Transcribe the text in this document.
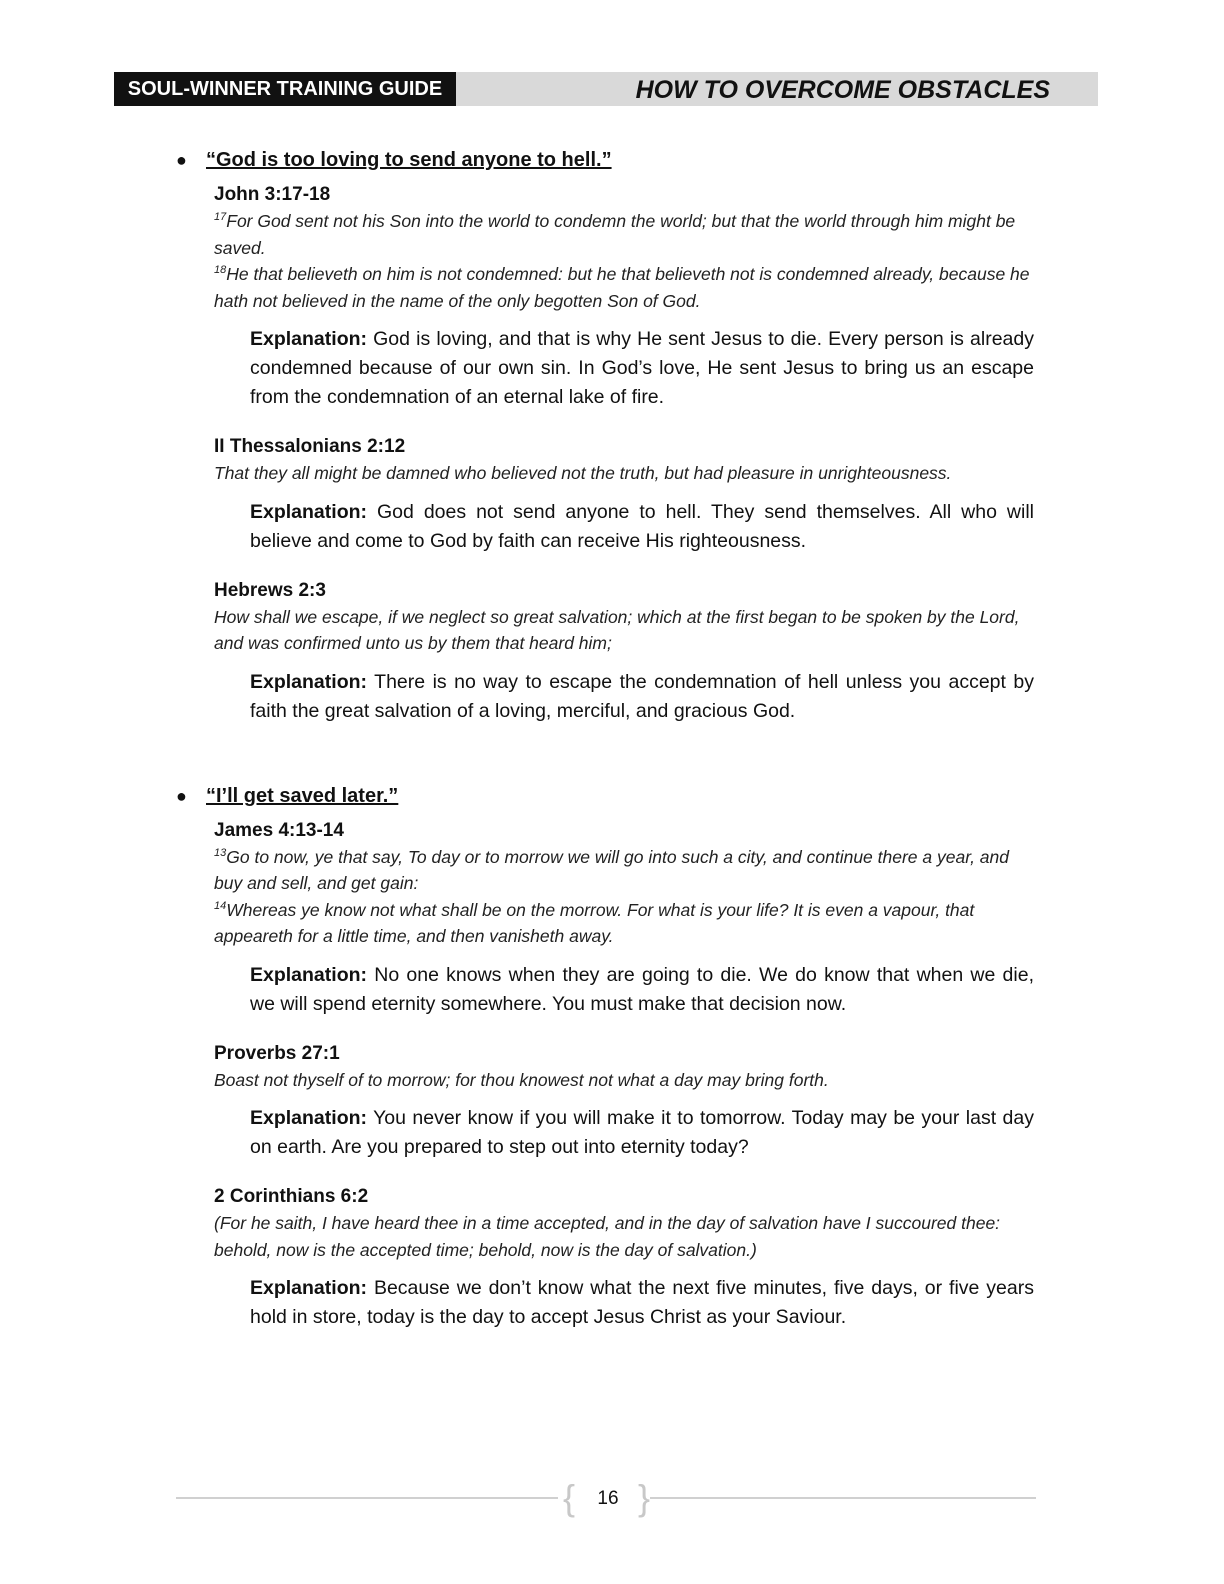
SOUL-WINNER TRAINING GUIDE	HOW TO OVERCOME OBSTACLES
● “God is too loving to send anyone to hell.”
John 3:17-18
$^{17}$For God sent not his Son into the world to condemn the world; but that the world through him might be saved.
$^{18}$He that believeth on him is not condemned: but he that believeth not is condemned already, because he hath not believed in the name of the only begotten Son of God.
Explanation: God is loving, and that is why He sent Jesus to die. Every person is already condemned because of our own sin. In God’s love, He sent Jesus to bring us an escape from the condemnation of an eternal lake of fire.
II Thessalonians 2:12
That they all might be damned who believed not the truth, but had pleasure in unrighteousness.
Explanation: God does not send anyone to hell. They send themselves. All who will believe and come to God by faith can receive His righteousness.
Hebrews 2:3
How shall we escape, if we neglect so great salvation; which at the first began to be spoken by the Lord, and was confirmed unto us by them that heard him;
Explanation: There is no way to escape the condemnation of hell unless you accept by faith the great salvation of a loving, merciful, and gracious God.
● “I’ll get saved later.”
James 4:13-14
$^{13}$Go to now, ye that say, To day or to morrow we will go into such a city, and continue there a year, and buy and sell, and get gain:
$^{14}$Whereas ye know not what shall be on the morrow. For what is your life? It is even a vapour, that appeareth for a little time, and then vanisheth away.
Explanation: No one knows when they are going to die. We do know that when we die, we will spend eternity somewhere. You must make that decision now.
Proverbs 27:1
Boast not thyself of to morrow; for thou knowest not what a day may bring forth.
Explanation: You never know if you will make it to tomorrow. Today may be your last day on earth. Are you prepared to step out into eternity today?
2 Corinthians 6:2
(For he saith, I have heard thee in a time accepted, and in the day of salvation have I succoured thee: behold, now is the accepted time; behold, now is the day of salvation.)
Explanation: Because we don’t know what the next five minutes, five days, or five years hold in store, today is the day to accept Jesus Christ as your Saviour.
{	16 }
